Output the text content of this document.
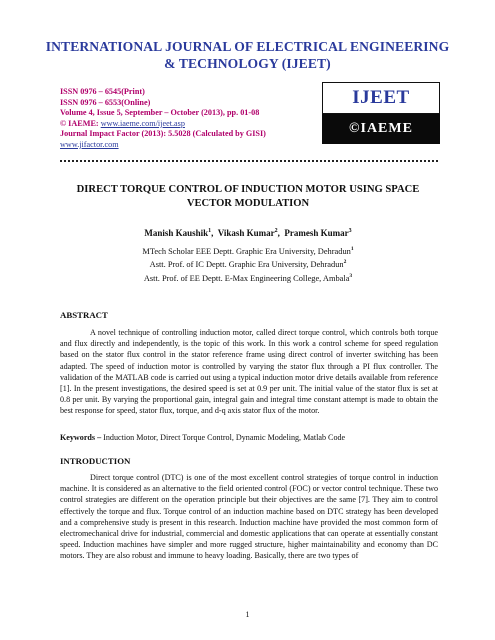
INTERNATIONAL JOURNAL OF ELECTRICAL ENGINEERING & TECHNOLOGY (IJEET)
ISSN 0976 – 6545(Print)
ISSN 0976 – 6553(Online)
Volume 4, Issue 5, September – October (2013), pp. 01-08
© IAEME: www.iaeme.com/ijeet.asp
Journal Impact Factor (2013): 5.5028 (Calculated by GISI)
www.jifactor.com
IJEET
©IAEME
DIRECT TORQUE CONTROL OF INDUCTION MOTOR USING SPACE VECTOR MODULATION
Manish Kaushik$^1$,  Vikash Kumar$^2$,  Pramesh Kumar$^3$
MTech Scholar EEE Deptt. Graphic Era University, Dehradun$^1$
Astt. Prof. of IC Deptt. Graphic Era University, Dehradun$^2$
Astt. Prof. of EE Deptt. E-Max Engineering College, Ambala$^3$
ABSTRACT

A novel technique of controlling induction motor, called direct torque control, which controls both torque and flux directly and independently, is the topic of this work. In this work a control scheme for speed regulation based on the stator flux control in the stator reference frame using direct control of inverter switching has been adapted. The speed of induction motor is controlled by varying the stator flux through a PI flux controller. The validation of the MATLAB code is carried out using a typical induction motor drive details available from reference [1]. In the present investigations, the desired speed is set at 0.9 per unit. The initial value of the stator flux is set at 0.8 per unit. By varying the proportional gain, integral gain and integral time constant attempt is made to obtain the best response for speed, stator flux, torque, and d-q axis stator flux of the motor.

Keywords – Induction Motor, Direct Torque Control, Dynamic Modeling, Matlab Code
INTRODUCTION

Direct torque control (DTC) is one of the most excellent control strategies of torque control in induction machine. It is considered as an alternative to the field oriented control (FOC) or vector control technique. These two control strategies are different on the operation principle but their objectives are the same [7]. They aim to control effectively the torque and flux. Torque control of an induction machine based on DTC strategy has been developed and a comprehensive study is present in this research. Induction machine have provided the most common form of electromechanical drive for industrial, commercial and domestic applications that can operate at essentially constant speed. Induction machines have simpler and more rugged structure, higher maintainability and economy than DC motors. They are also robust and immune to heavy loading. Basically, there are two types of

1
